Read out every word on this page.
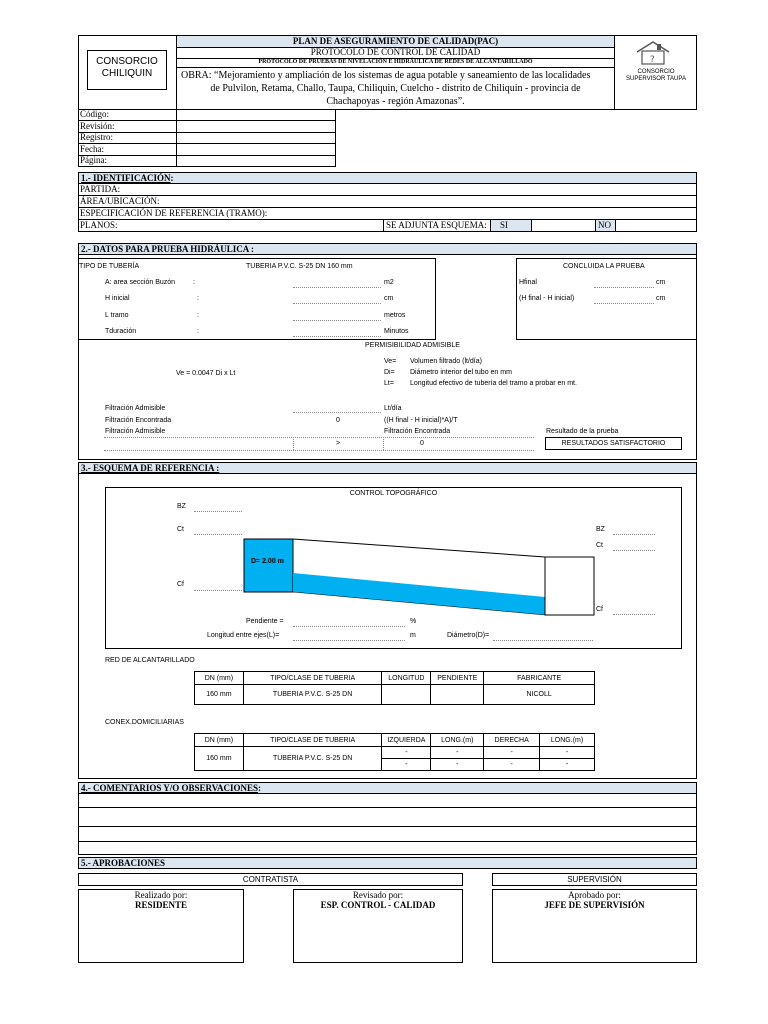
CONSORCIO
CHILIQUIN
PLAN DE ASEGURAMIENTO DE CALIDAD(PAC)
PROTOCOLO DE CONTROL DE CALIDAD
PROTOCOLO DE PRUEBAS DE NIVELACIÓN E HIDRÁULICA DE REDES DE ALCANTARILLADO
OBRA: “Mejoramiento y ampliación de los sistemas de agua potable y saneamiento de las localidades
de Pulvilon, Retama, Challo, Taupa, Chiliquin, Cuelcho - distrito de Chiliquin - provincia de
Chachapoyas - región Amazonas”.
?
CONSORCIO
SUPERVISOR TAUPA
Código:
Revisión:
Registro:
Fecha:
Página:
1.- IDENTIFICACIÓN:
PARTIDA:
ÁREA/UBICACIÓN:
ESPECIFICACIÓN DE REFERENCIA (TRAMO):
PLANOS:	SE ADJUNTA ESQUEMA: SI	NO
2.- DATOS PARA PRUEBA HIDRÁULICA :
TIPO DE TUBERÍA	TUBERIA P.V.C. S-25 DN 160 mm
A: area sección Buzón	:	m2
H inicial	:	cm
L tramo	:	metros
Tduración	:	Minutos
CONCLUIDA LA PRUEBA
Hfinal	cm
(H final - H inicial)	cm
PERMISIBILIDAD ADMISIBLE
Ve = 0.0047 Di x Lt
Ve= Volumen filtrado (lt/día)
Di= Diámetro interior del tubo en mm
Lt= Longitud efectivo de tubería del tramo a probar en mt.
Filtración Admisible	Lt/día
Filtración Encontrada	0	((H final - H inicial)*A)/T
Filtración Admisible	Filtración Encontrada	Resultado de la prueba
>	0	RESULTADOS SATISFACTORIO
3.- ESQUEMA DE REFERENCIA :
CONTROL TOPOGRÁFICO
BZ
Ct
Cf
BZ
Ct
Cf
D= 2.00 m
Pendiente =	%
Longitud entre ejes(L)=	m	Diámetro(D)=
RED DE ALCANTARILLADO
DN (mm)	TIPO/CLASE DE TUBERIA	LONGITUD	PENDIENTE	FABRICANTE
160 mm	TUBERIA P.V.C. S-25 DN			NICOLL
CONEX.DOMICILIARIAS
DN (mm)	TIPO/CLASE DE TUBERIA	IZQUIERDA	LONG.(m)	DERECHA	LONG.(m)
160 mm	TUBERIA P.V.C. S-25 DN	-	-	-	-
		-	-	-	-
4.- COMENTARIOS Y/O OBSERVACIONES:
5.- APROBACIONES
CONTRATISTA	SUPERVISIÓN
Realizado por:
RESIDENTE
Revisado por:
ESP. CONTROL - CALIDAD
Aprobado por:
JEFE DE SUPERVISIÓN
